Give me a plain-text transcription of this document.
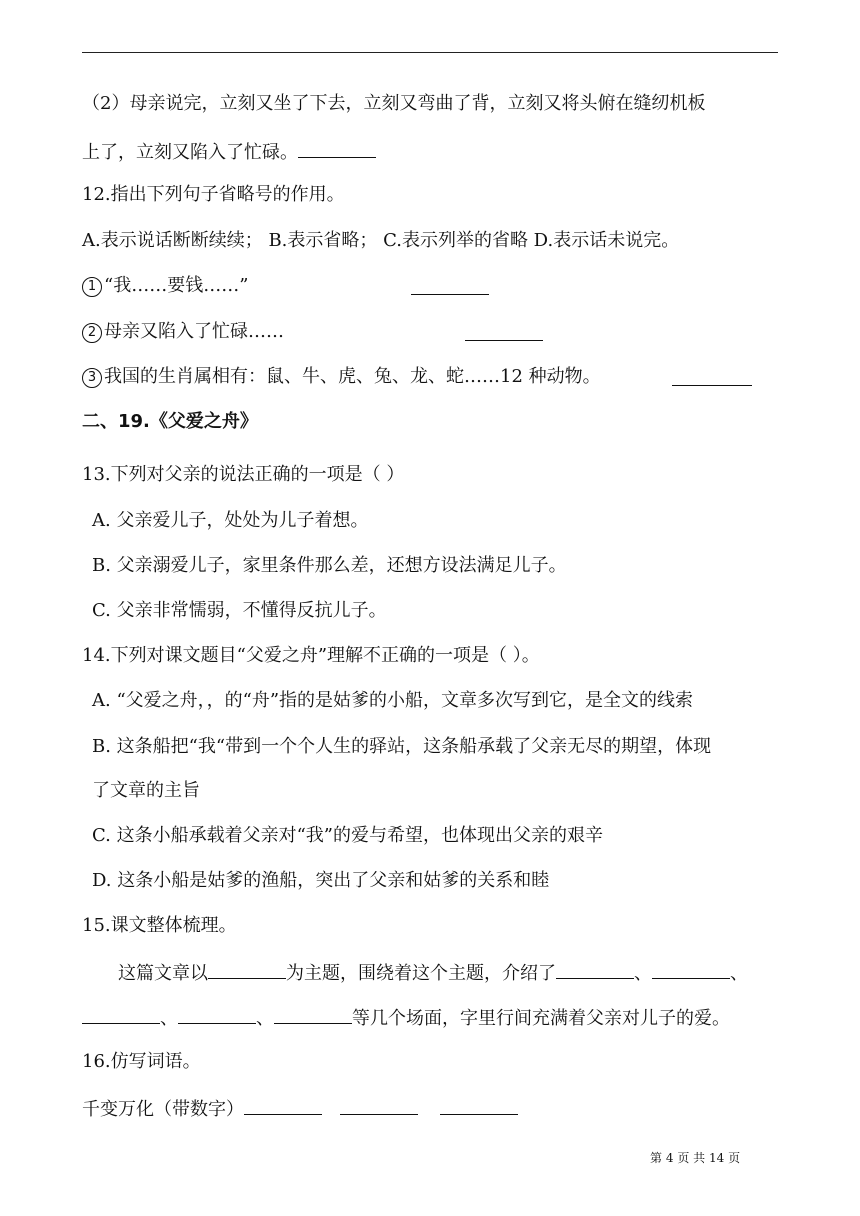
（2）母亲说完，立刻又坐了下去，立刻又弯曲了背，立刻又将头俯在缝纫机板
上了，立刻又陷入了忙碌。
12.指出下列句子省略号的作用。
A.表示说话断断续续； B.表示省略； C.表示列举的省略 D.表示话未说完。
1 “我……要钱……”
2 母亲又陷入了忙碌……
3 我国的生肖属相有：鼠、牛、虎、兔、龙、蛇……12 种动物。
二、19.《父爱之舟》
13.下列对父亲的说法正确的一项是（ ）
A. 父亲爱儿子，处处为儿子着想。
B. 父亲溺爱儿子，家里条件那么差，还想方设法满足儿子。
C. 父亲非常懦弱，不懂得反抗儿子。
14.下列对课文题目“父爱之舟”理解不正确的一项是（ ）。
A. “父爱之舟，，的“舟”指的是姑爹的小船，文章多次写到它，是全文的线索
B. 这条船把“我“带到一个个人生的驿站，这条船承载了父亲无尽的期望，体现
了文章的主旨
C. 这条小船承载着父亲对“我”的爱与希望，也体现出父亲的艰辛
D. 这条小船是姑爹的渔船，突出了父亲和姑爹的关系和睦
15.课文整体梳理。
这篇文章以	为主题，围绕着这个主题，介绍了	、	、
、	、	等几个场面，字里行间充满着父亲对儿子的爱。
16.仿写词语。
千变万化（带数字）
第 4 页 共 14 页
